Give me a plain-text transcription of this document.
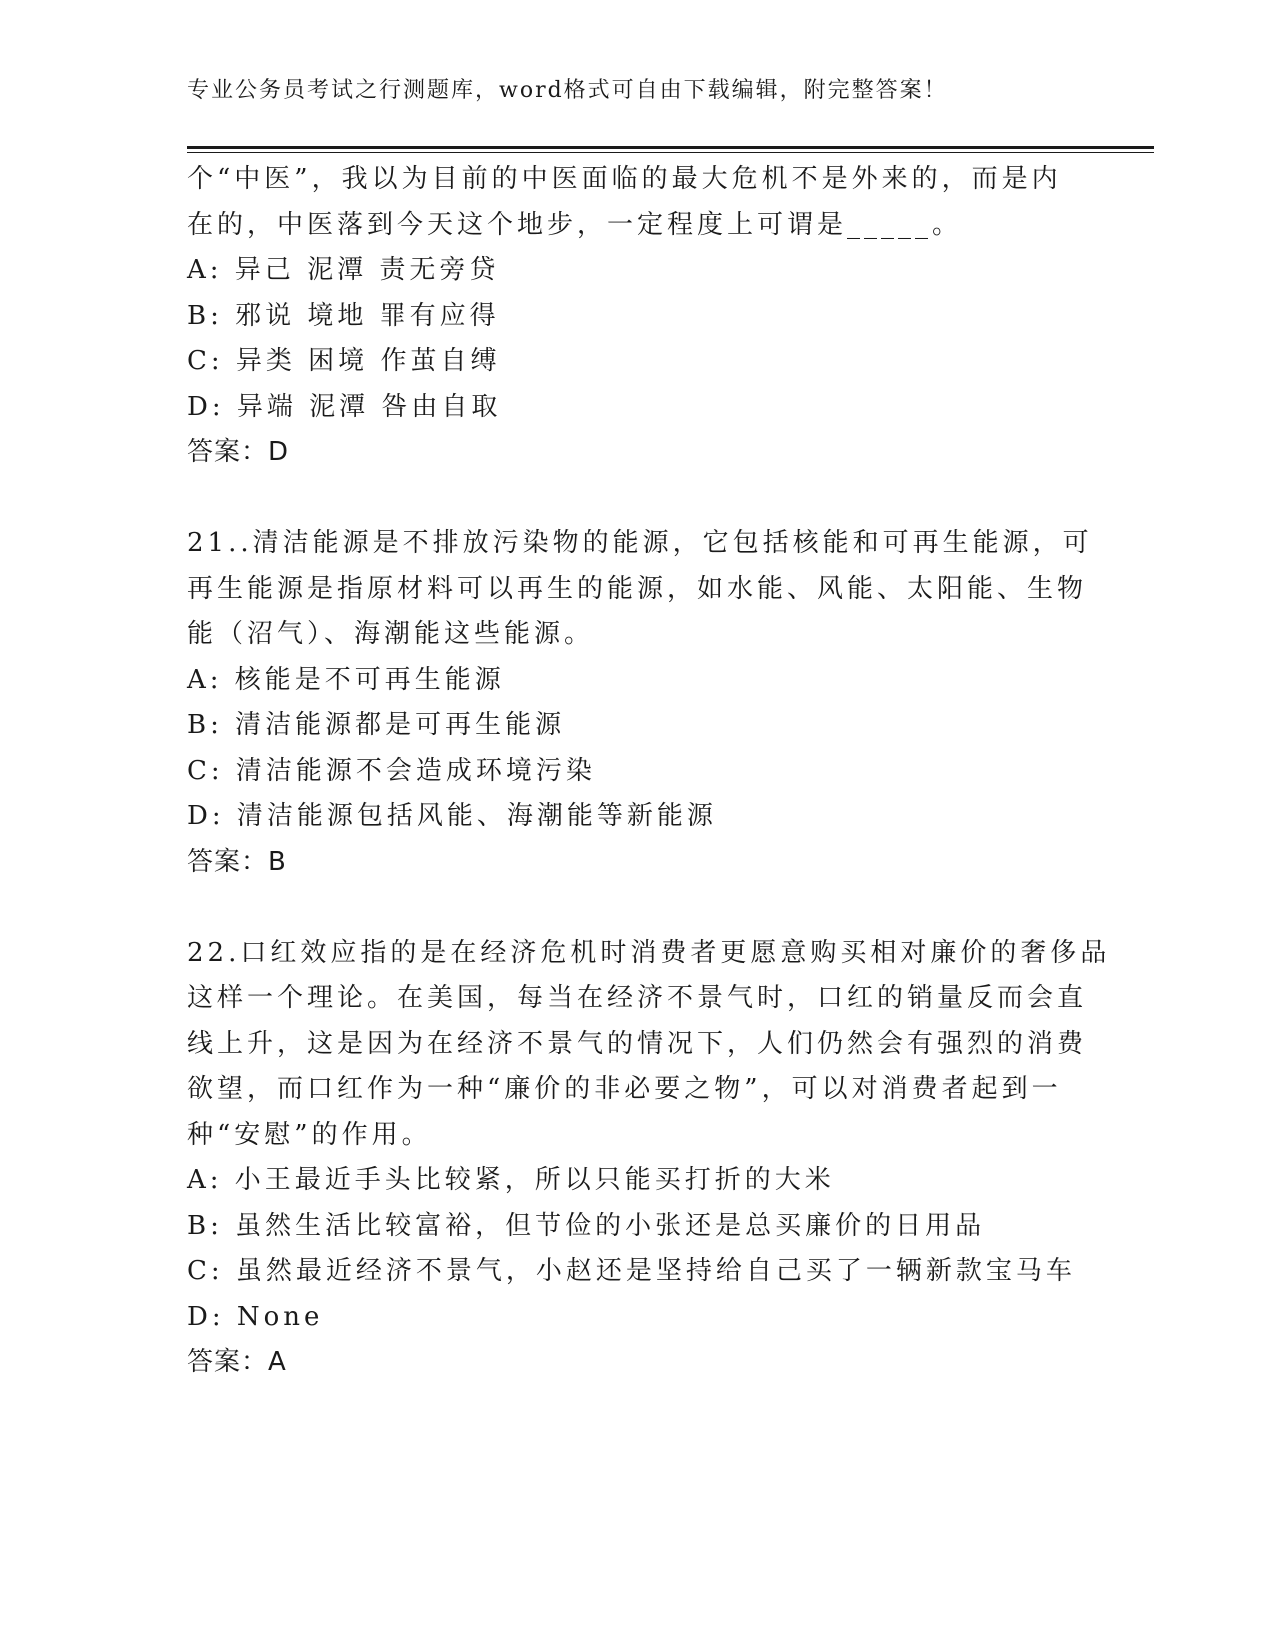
专业公务员考试之行测题库，word格式可自由下载编辑，附完整答案！
个“中医”，我以为目前的中医面临的最大危机不是外来的，而是内
在的，中医落到今天这个地步，一定程度上可谓是_____。
A: 异己 泥潭 责无旁贷
B: 邪说 境地 罪有应得
C: 异类 困境 作茧自缚
D: 异端 泥潭 咎由自取
答案：D
21..清洁能源是不排放污染物的能源，它包括核能和可再生能源，可
再生能源是指原材料可以再生的能源，如水能、风能、太阳能、生物
能（沼气）、海潮能这些能源。
A: 核能是不可再生能源
B: 清洁能源都是可再生能源
C: 清洁能源不会造成环境污染
D: 清洁能源包括风能、海潮能等新能源
答案：B
22.口红效应指的是在经济危机时消费者更愿意购买相对廉价的奢侈品
这样一个理论。在美国，每当在经济不景气时，口红的销量反而会直
线上升，这是因为在经济不景气的情况下，人们仍然会有强烈的消费
欲望，而口红作为一种“廉价的非必要之物”，可以对消费者起到一
种“安慰”的作用。
A: 小王最近手头比较紧，所以只能买打折的大米
B: 虽然生活比较富裕，但节俭的小张还是总买廉价的日用品
C: 虽然最近经济不景气，小赵还是坚持给自己买了一辆新款宝马车
D: None
答案：A
